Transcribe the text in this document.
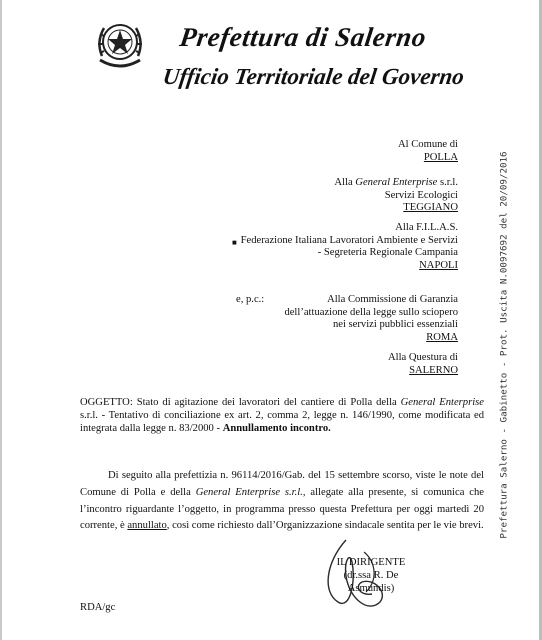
Prefettura di Salerno
Ufficio Territoriale del Governo
Prefettura Salerno - Gabinetto - Prot. Uscita N.0097692 del 20/09/2016
Al Comune di
POLLA
Alla General Enterprise s.r.l.
Servizi Ecologici
TEGGIANO
Alla F.I.L.A.S.
Federazione Italiana Lavoratori Ambiente e Servizi
- Segreteria Regionale Campania
NAPOLI
■
e, p.c.:	Alla Commissione di Garanzia
dell’attuazione della legge sullo sciopero
nei servizi pubblici essenziali
ROMA
Alla Questura di
SALERNO
OGGETTO: Stato di agitazione dei lavoratori del cantiere di Polla della General Enterprise s.r.l. - Tentativo di conciliazione ex art. 2, comma 2, legge n. 146/1990, come modificata ed integrata dalla legge n. 83/2000 - Annullamento incontro.
Di seguito alla prefettizia n. 96114/2016/Gab. del 15 settembre scorso, viste le note del Comune di Polla e della General Enterprise s.r.l., allegate alla presente, si comunica che l’incontro riguardante l’oggetto, in programma presso questa Prefettura per oggi martedì 20 corrente, è annullato, così come richiesto dall’Organizzazione sindacale sentita per le vie brevi.
IL DIRIGENTE
(dr.ssa R. De Asmundis)
RDA/gc
